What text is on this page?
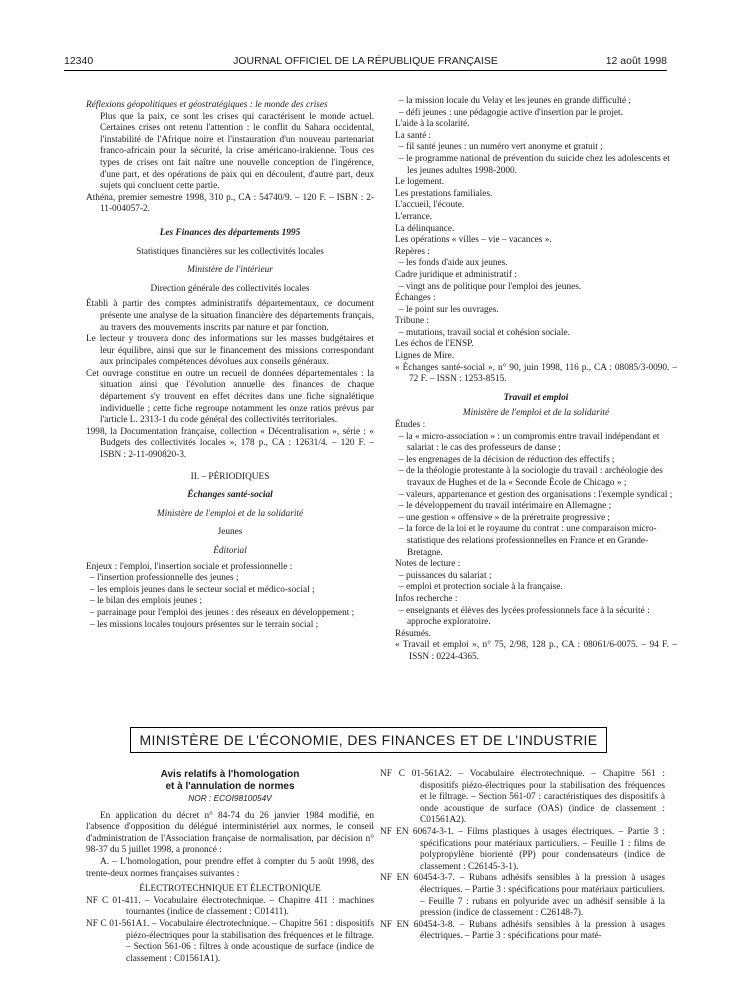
12340	JOURNAL OFFICIEL DE LA RÉPUBLIQUE FRANÇAISE	12 août 1998

Réflexions géopolitiques et géostratégiques : le monde des crises

Plus que la paix, ce sont les crises qui caractérisent le monde actuel. Certaines crises ont retenu l'attention : le conflit du Sahara occidental, l'instabilité de l'Afrique noire et l'instauration d'un nouveau partenariat franco-africain pour la sécurité, la crise américano-irakienne. Tous ces types de crises ont fait naître une nouvelle conception de l'ingérence, d'une part, et des opérations de paix qui en découlent, d'autre part, deux sujets qui concluent cette partie.

Athéna, premier semestre 1998, 310 p., CA : 54740/9. – 120 F. – ISBN : 2-11-004057-2.

Les Finances des départements 1995

Statistiques financières sur les collectivités locales

Ministère de l'intérieur

Direction générale des collectivités locales

Établi à partir des comptes administratifs départementaux, ce document présente une analyse de la situation financière des départements français, au travers des mouvements inscrits par nature et par fonction.

Le lecteur y trouvera donc des informations sur les masses budgétaires et leur équilibre, ainsi que sur le financement des missions correspondant aux principales compétences dévolues aux conseils généraux.

Cet ouvrage constitue en outre un recueil de données départementales : la situation ainsi que l'évolution annuelle des finances de chaque département s'y trouvent en effet décrites dans une fiche signalétique individuelle ; cette fiche regroupe notamment les onze ratios prévus par l'article L. 2313-1 du code général des collectivités territoriales.

1998, la Documentation française, collection « Décentralisation », série : « Budgets des collectivités locales », 178 p., CA : 12631/4. – 120 F. – ISBN : 2-11-090820-3.

II. – PÉRIODIQUES

Échanges santé-social

Ministère de l'emploi et de la solidarité

Jeunes

Éditorial

Enjeux : l'emploi, l'insertion sociale et professionnelle :

– l'insertion professionnelle des jeunes ;

– les emplois jeunes dans le secteur social et médico-social ;

– le bilan des emplois jeunes ;

– parrainage pour l'emploi des jeunes : des réseaux en développement ;

– les missions locales toujours présentes sur le terrain social ;

– la mission locale du Velay et les jeunes en grande difficulté ;

– défi jeunes : une pédagogie active d'insertion par le projet.

L'aide à la scolarité.

La santé :

– fil santé jeunes : un numéro vert anonyme et gratuit ;

– le programme national de prévention du suicide chez les adolescents et les jeunes adultes 1998-2000.

Le logement.

Les prestations familiales.

L'accueil, l'écoute.

L'errance.

La délinquance.

Les opérations « villes – vie – vacances ».

Repères :

– les fonds d'aide aux jeunes.

Cadre juridique et administratif :

– vingt ans de politique pour l'emploi des jeunes.

Échanges :

– le point sur les ouvrages.

Tribune :

– mutations, travail social et cohésion sociale.

Les échos de l'ENSP.

Lignes de Mire.

« Échanges santé-social », n° 90, juin 1998, 116 p., CA : 08085/3-0090. – 72 F. – ISSN : 1253-8515.

Travail et emploi

Ministère de l'emploi et de la solidarité

Études :

– la « micro-association » : un compromis entre travail indépendant et salariat : le cas des professeurs de danse ;

– les engrenages de la décision de réduction des effectifs ;

– de la théologie protestante à la sociologie du travail : archéologie des travaux de Hughes et de la « Seconde École de Chicago » ;

– valeurs, appartenance et gestion des organisations : l'exemple syndical ;

– le développement du travail intérimaire en Allemagne ;

– une gestion « offensive » de la préretraite progressive ;

– la force de la loi et le royaume du contrat : une comparaison micro-statistique des relations professionnelles en France et en Grande-Bretagne.

Notes de lecture :

– puissances du salariat ;

– emploi et protection sociale à la française.

Infos recherche :

– enseignants et élèves des lycées professionnels face à la sécurité : approche exploratoire.

Résumés.

« Travail et emploi », n° 75, 2/98, 128 p., CA : 08061/6-0075. – 94 F. – ISSN : 0224-4365.

MINISTÈRE DE L'ÉCONOMIE, DES FINANCES ET DE L'INDUSTRIE

Avis relatifs à l'homologation

et à l'annulation de normes

NOR : ECOI9810054V

En application du décret n° 84-74 du 26 janvier 1984 modifié, en l'absence d'opposition du délégué interministériel aux normes, le conseil d'administration de l'Association française de normalisation, par décision n° 98-37 du 5 juillet 1998, a prononcé :

A. – L'homologation, pour prendre effet à compter du 5 août 1998, des trente-deux normes françaises suivantes :

ÉLECTROTECHNIQUE ET ÉLECTRONIQUE

NF C 01-411. – Vocabulaire électrotechnique. – Chapitre 411 : machines tournantes (indice de classement : C01411).

NF C 01-561A1. – Vocabulaire électrotechnique. – Chapitre 561 : dispositifs piézo-électriques pour la stabilisation des fréquences et le filtrage. – Section 561-06 : filtres à onde acoustique de surface (indice de classement : C01561A1).

NF C 01-561A2. – Vocabulaire électrotechnique. – Chapitre 561 : dispositifs piézo-électriques pour la stabilisation des fréquences et le filtrage. – Section 561-07 : caractéristiques des dispositifs à onde acoustique de surface (OAS) (indice de classement : C01561A2).

NF EN 60674-3-1. – Films plastiques à usages électriques. – Partie 3 : spécifications pour matériaux particuliers. – Feuille 1 : films de polypropylène biorienté (PP) pour condensateurs (indice de classement : C26145-3-1).

NF EN 60454-3-7. – Rubans adhésifs sensibles à la pression à usages électriques. – Partie 3 : spécifications pour matériaux particuliers. – Feuille 7 : rubans en polyuride avec un adhésif sensible à la pression (indice de classement : C26148-7).

NF EN 60454-3-8. – Rubans adhésifs sensibles à la pression à usages électriques. – Partie 3 : spécifications pour maté-
